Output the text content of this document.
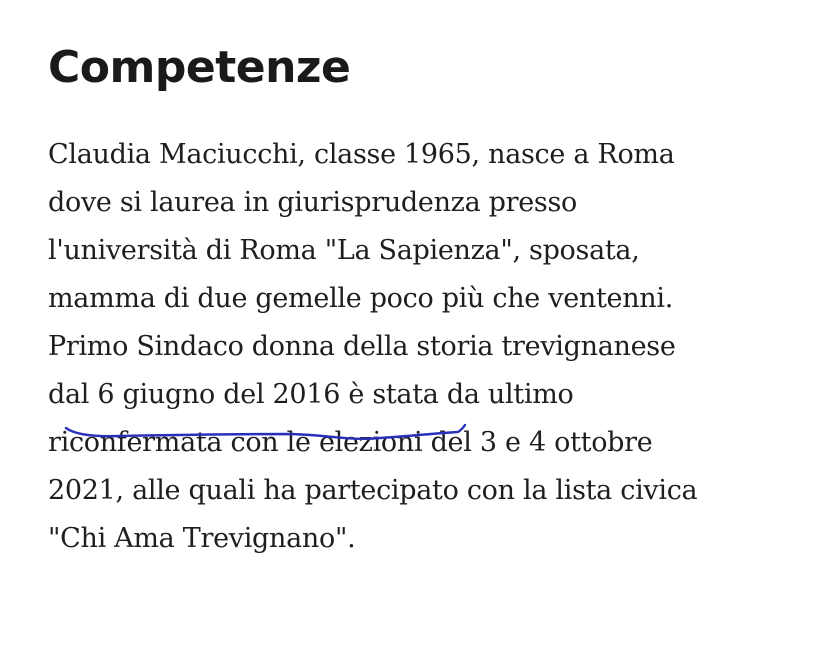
Competenze

Claudia Maciucchi, classe 1965, nasce a Roma
dove si laurea in giurisprudenza presso
l'università di Roma "La Sapienza", sposata,
mamma di due gemelle poco più che ventenni.
Primo Sindaco donna della storia trevignanese
dal 6 giugno del 2016 è stata da ultimo
riconfermata con le elezioni del 3 e 4 ottobre
2021, alle quali ha partecipato con la lista civica
"Chi Ama Trevignano".
